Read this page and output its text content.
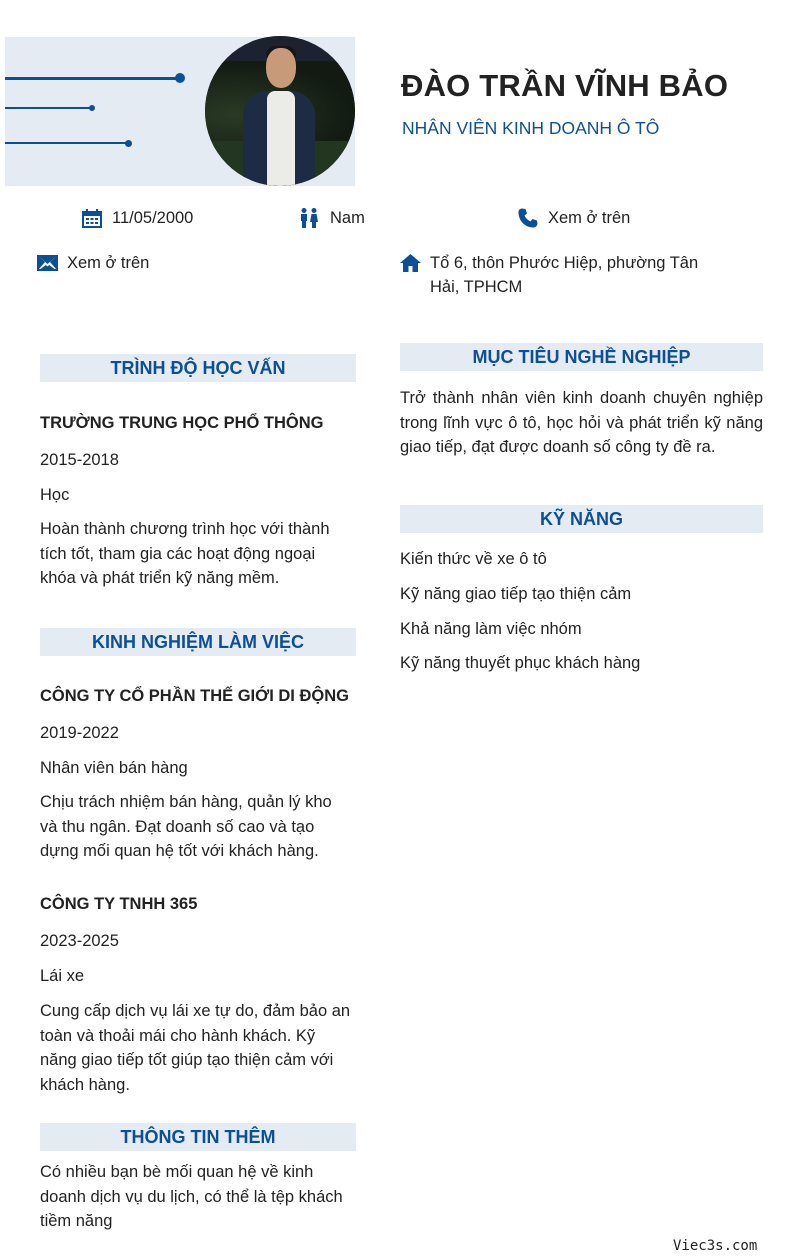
ĐÀO TRẦN VĨNH BẢO
NHÂN VIÊN KINH DOANH Ô TÔ
11/05/2000	Nam	Xem ở trên
Xem ở trên	Tổ 6, thôn Phước Hiệp, phường Tân
Hải, TPHCM
TRÌNH ĐỘ HỌC VẤN
TRƯỜNG TRUNG HỌC PHỔ THÔNG
2015-2018
Học
Hoàn thành chương trình học với thành
tích tốt, tham gia các hoạt động ngoại
khóa và phát triển kỹ năng mềm.
KINH NGHIỆM LÀM VIỆC
CÔNG TY CỔ PHẦN THẾ GIỚI DI ĐỘNG
2019-2022
Nhân viên bán hàng
Chịu trách nhiệm bán hàng, quản lý kho
và thu ngân. Đạt doanh số cao và tạo
dựng mối quan hệ tốt với khách hàng.
CÔNG TY TNHH 365
2023-2025
Lái xe
Cung cấp dịch vụ lái xe tự do, đảm bảo an
toàn và thoải mái cho hành khách. Kỹ
năng giao tiếp tốt giúp tạo thiện cảm với
khách hàng.
THÔNG TIN THÊM
Có nhiều bạn bè mối quan hệ về kinh
doanh dịch vụ du lịch, có thể là tệp khách
tiềm năng
MỤC TIÊU NGHỀ NGHIỆP
Trở thành nhân viên kinh doanh chuyên nghiệp trong lĩnh vực ô tô, học hỏi và phát triển kỹ năng giao tiếp, đạt được doanh số công ty đề ra.
KỸ NĂNG
Kiến thức về xe ô tô
Kỹ năng giao tiếp tạo thiện cảm
Khả năng làm việc nhóm
Kỹ năng thuyết phục khách hàng
Viec3s.com
